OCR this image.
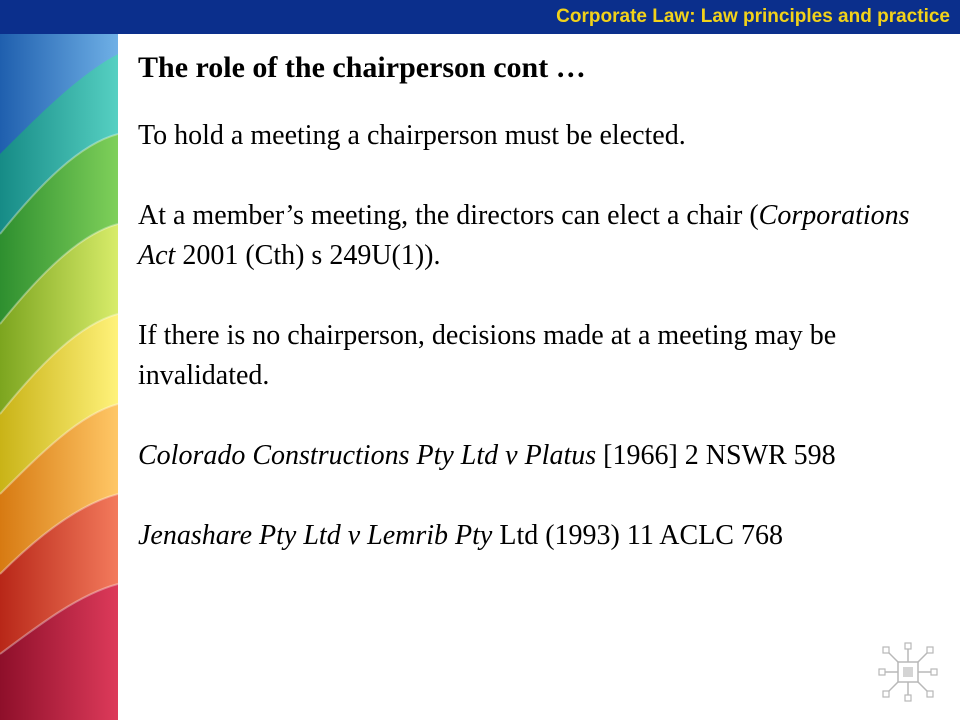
Corporate Law: Law principles and practice
The role of the chairperson cont …

To hold a meeting a chairperson must be elected.

At a member’s meeting, the directors can elect a chair (Corporations Act 2001 (Cth) s 249U(1)).

If there is no chairperson, decisions made at a meeting may be invalidated.

Colorado Constructions Pty Ltd v Platus [1966] 2 NSWR 598

Jenashare Pty Ltd v Lemrib Pty Ltd (1993) 11 ACLC 768
